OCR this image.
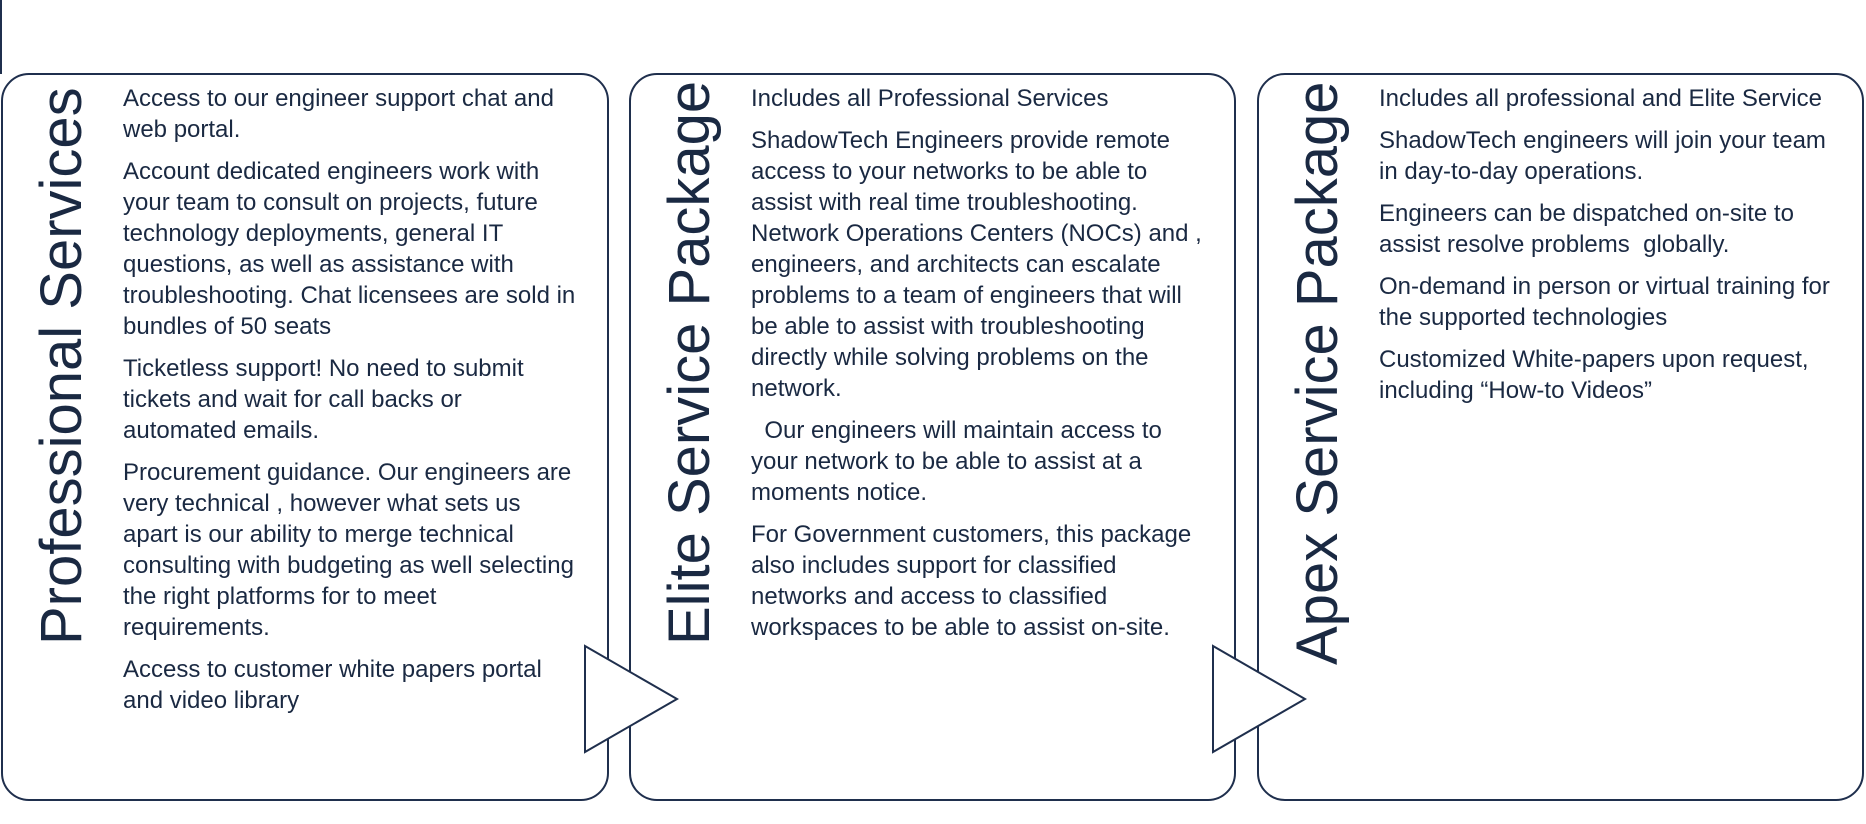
Professional Services	Access to our engineer support chat and web portal.

Account dedicated engineers work with your team to consult on projects, future technology deployments, general IT questions, as well as assistance with troubleshooting. Chat licensees are sold in bundles of 50 seats

Ticketless support! No need to submit tickets and wait for call backs or automated emails.

Procurement guidance. Our engineers are very technical , however what sets us apart is our ability to merge technical consulting with budgeting as well selecting the right platforms for to meet requirements.

Access to customer white papers portal and video library

Elite Service Package	Includes all Professional Services

ShadowTech Engineers provide remote access to your networks to be able to assist with real time troubleshooting. Network Operations Centers (NOCs) and , engineers, and architects can escalate problems to a team of engineers that will be able to assist with troubleshooting directly while solving problems on the network.

Our engineers will maintain access to your network to be able to assist at a moments notice.

For Government customers, this package also includes support for classified networks and access to classified workspaces to be able to assist on-site.	Apex Service Package	Includes all professional and Elite Service

ShadowTech engineers will join your team in day-to-day operations.

Engineers can be dispatched on-site to assist resolve problems  globally.

On-demand in person or virtual training for the supported technologies

Customized White-papers upon request, including “How-to Videos”
